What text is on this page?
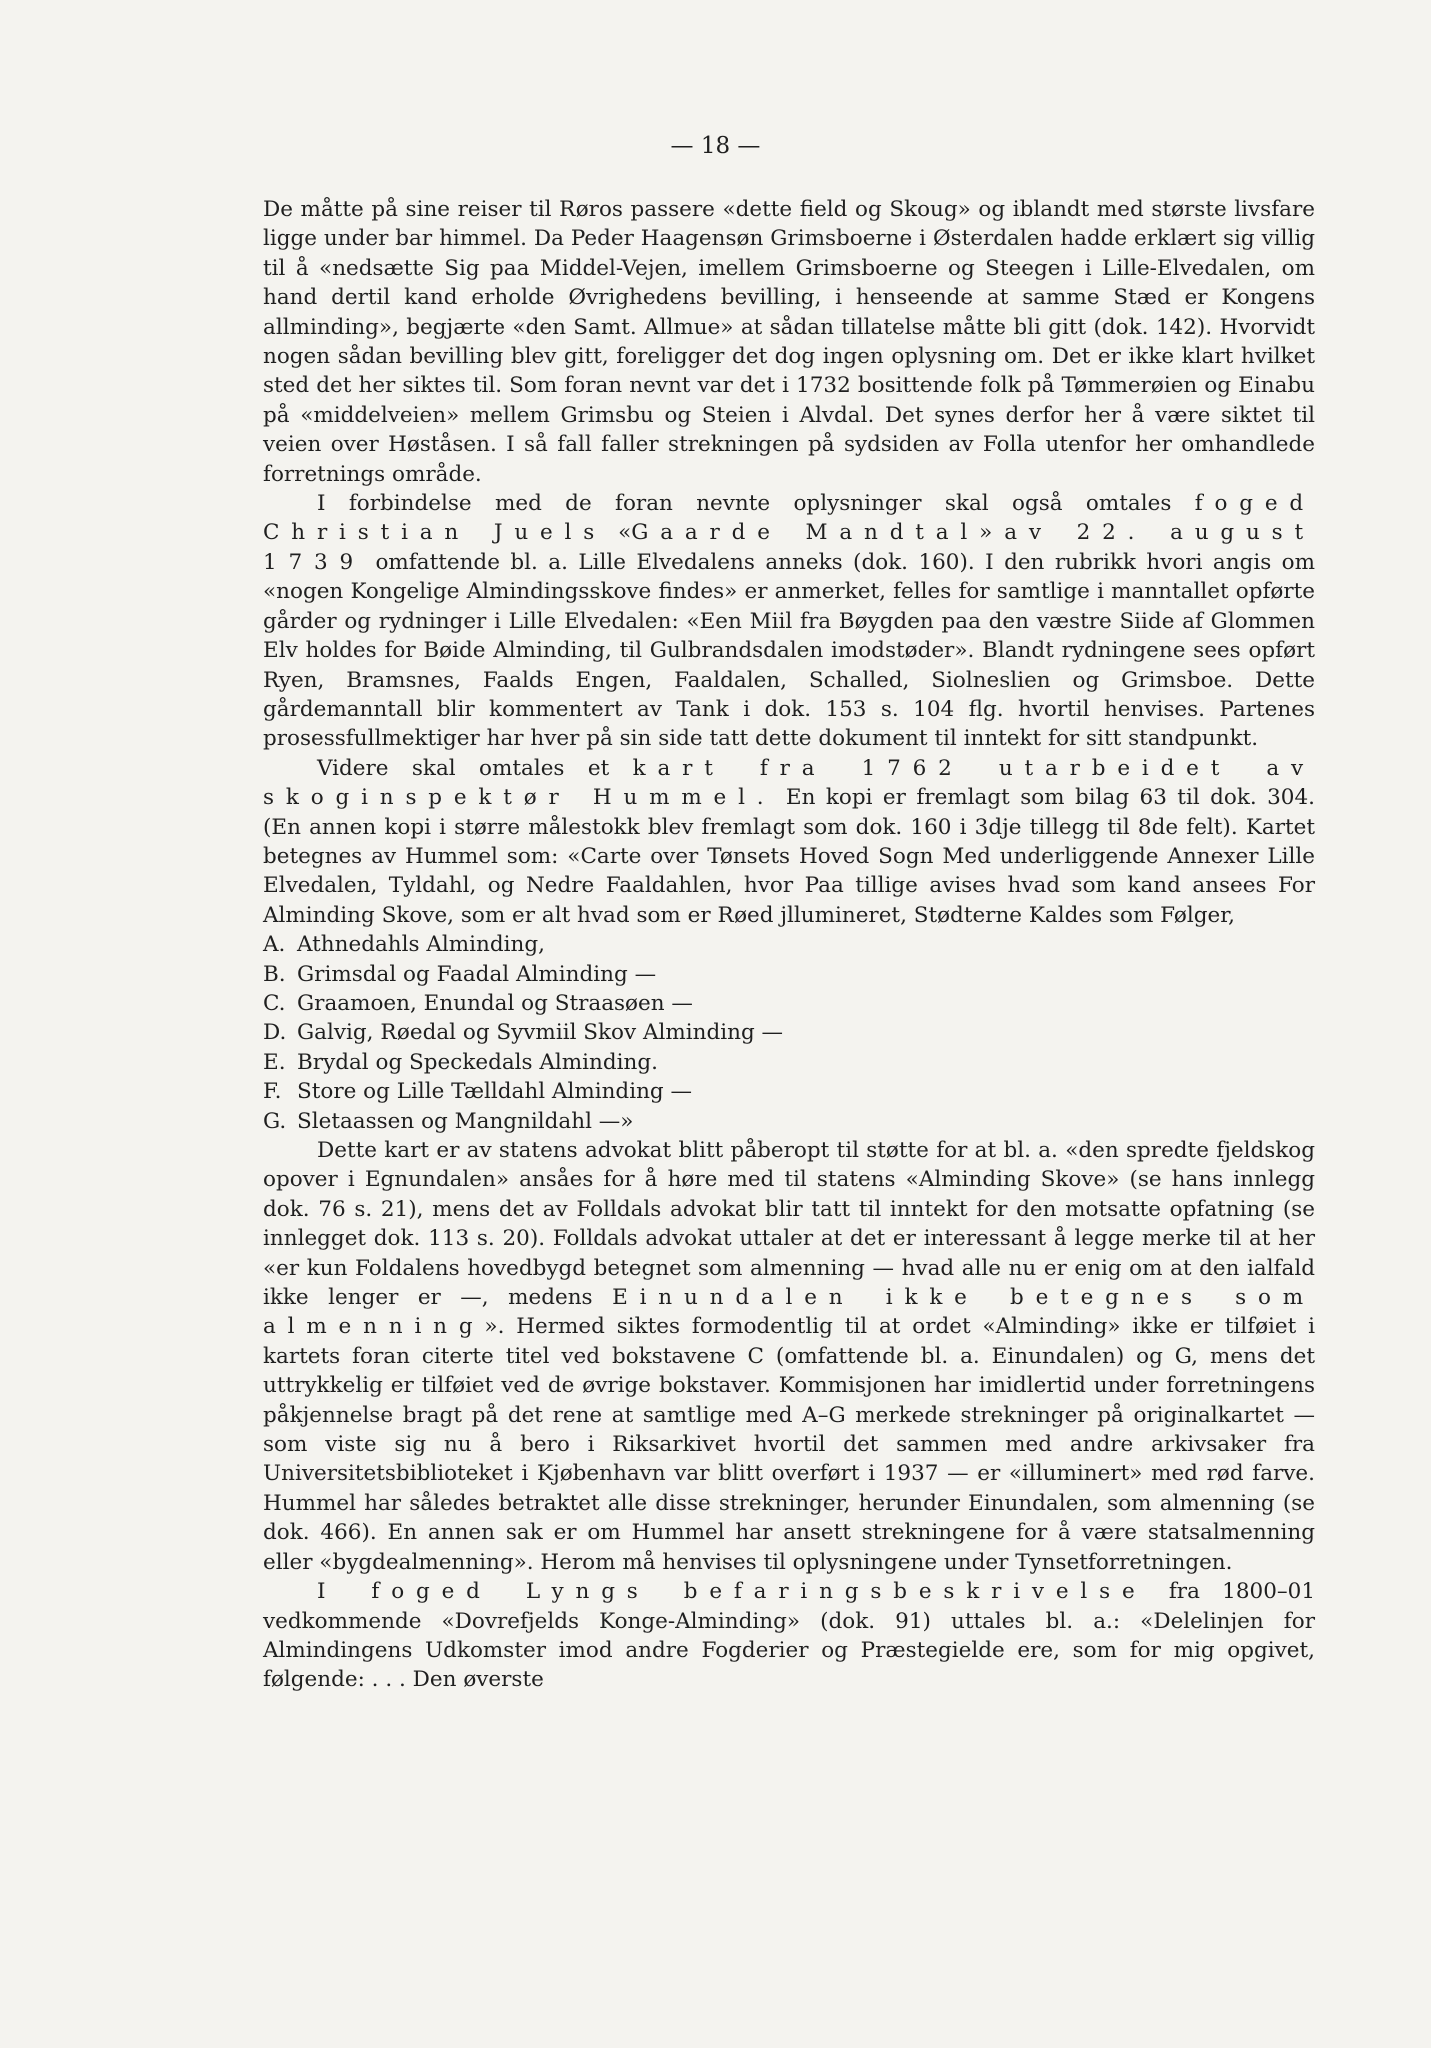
— 18 —

De måtte på sine reiser til Røros passere «dette field og Skoug» og iblandt med største livsfare ligge under bar himmel. Da Peder Haagensøn Grimsboerne i Østerdalen hadde erklært sig villig til å «nedsætte Sig paa Middel-Vejen, imellem Grimsboerne og Steegen i Lille-Elvedalen, om hand dertil kand erholde Øvrighedens bevilling, i henseende at samme Stæd er Kongens allminding», begjærte «den Samt. Allmue» at sådan tillatelse måtte bli gitt (dok. 142). Hvorvidt nogen sådan bevilling blev gitt, foreligger det dog ingen oplysning om. Det er ikke klart hvilket sted det her siktes til. Som foran nevnt var det i 1732 bosittende folk på Tømmerøien og Einabu på «middelveien» mellem Grimsbu og Steien i Alvdal. Det synes derfor her å være siktet til veien over Høståsen. I så fall faller strekningen på sydsiden av Folla utenfor her omhandlede forretnings område.

I forbindelse med de foran nevnte oplysninger skal også omtales foged Christian Juels «Gaarde Mandtal» av 22. august 1739 omfattende bl. a. Lille Elvedalens anneks (dok. 160). I den rubrikk hvori angis om «nogen Kongelige Almindingsskove findes» er anmerket, felles for samtlige i manntallet opførte gårder og rydninger i Lille Elvedalen: «Een Miil fra Bøygden paa den væstre Siide af Glommen Elv holdes for Bøide Alminding, til Gulbrandsdalen imodstøder». Blandt rydningene sees opført Ryen, Bramsnes, Faalds Engen, Faaldalen, Schalled, Siolneslien og Grimsboe. Dette gårdemanntall blir kommentert av Tank i dok. 153 s. 104 flg. hvortil henvises. Partenes prosessfullmektiger har hver på sin side tatt dette dokument til inntekt for sitt standpunkt.

Videre skal omtales et kart fra 1762 utarbeidet av skoginspektør Hummel. En kopi er fremlagt som bilag 63 til dok. 304. (En annen kopi i større målestokk blev fremlagt som dok. 160 i 3dje tillegg til 8de felt). Kartet betegnes av Hummel som: «Carte over Tønsets Hoved Sogn Med underliggende Annexer Lille Elvedalen, Tyldahl, og Nedre Faaldahlen, hvor Paa tillige avises hvad som kand ansees For Alminding Skove, som er alt hvad som er Røed jllumineret, Stødterne Kaldes som Følger,

A. Athnedahls Alminding,
B. Grimsdal og Faadal Alminding —
C. Graamoen, Enundal og Straasøen —
D. Galvig, Røedal og Syvmiil Skov Alminding —
E. Brydal og Speckedals Alminding.
F. Store og Lille Tælldahl Alminding —
G. Sletaassen og Mangnildahl —»

Dette kart er av statens advokat blitt påberopt til støtte for at bl. a. «den spredte fjeldskog opover i Egnundalen» ansåes for å høre med til statens «Alminding Skove» (se hans innlegg dok. 76 s. 21), mens det av Folldals advokat blir tatt til inntekt for den motsatte opfatning (se innlegget dok. 113 s. 20). Folldals advokat uttaler at det er interessant å legge merke til at her «er kun Foldalens hovedbygd betegnet som almenning — hvad alle nu er enig om at den ialfald ikke lenger er —, medens Einundalen ikke betegnes som almenning». Hermed siktes formodentlig til at ordet «Alminding» ikke er tilføiet i kartets foran citerte titel ved bokstavene C (omfattende bl. a. Einundalen) og G, mens det uttrykkelig er tilføiet ved de øvrige bokstaver. Kommisjonen har imidlertid under forretningens påkjennelse bragt på det rene at samtlige med A–G merkede strekninger på originalkartet — som viste sig nu å bero i Riksarkivet hvortil det sammen med andre arkivsaker fra Universitetsbiblioteket i Kjøbenhavn var blitt overført i 1937 — er «illuminert» med rød farve. Hummel har således betraktet alle disse strekninger, herunder Einundalen, som almenning (se dok. 466). En annen sak er om Hummel har ansett strekningene for å være statsalmenning eller «bygdealmenning». Herom må henvises til oplysningene under Tynsetforretningen.

I foged Lyngs befaringsbeskrivelse fra 1800–01 vedkommende «Dovrefjelds Konge-Alminding» (dok. 91) uttales bl. a.: «Delelinjen for Almindingens Udkomster imod andre Fogderier og Præstegielde ere, som for mig opgivet, følgende: . . . Den øverste
